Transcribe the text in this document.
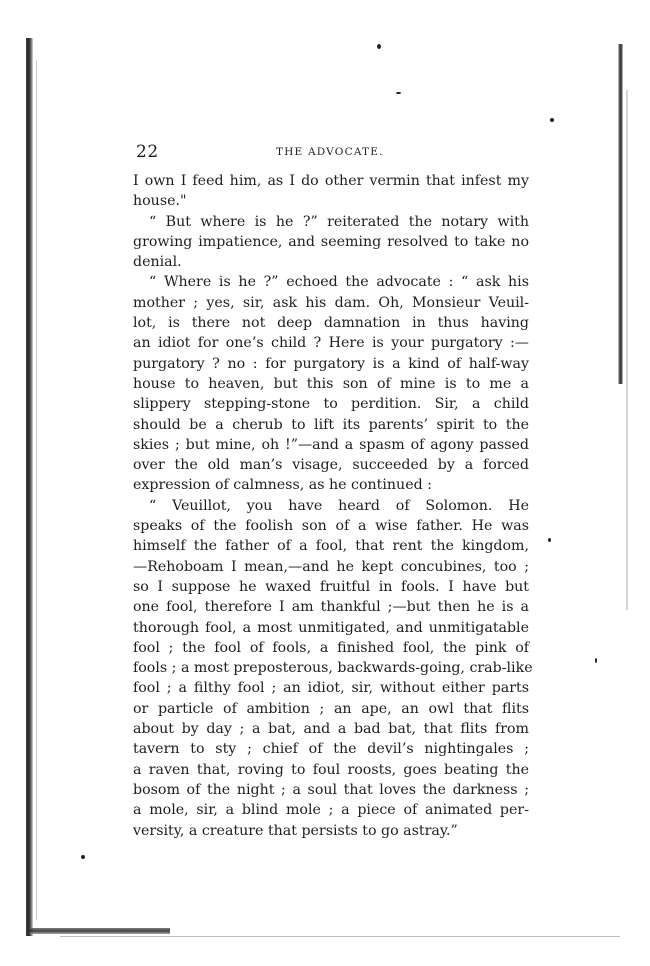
22	THE ADVOCATE.
I own I feed him, as I do other vermin that infest my
house."
“ But where is he ?” reiterated the notary with
growing impatience, and seeming resolved to take no
denial.
“ Where is he ?” echoed the advocate : “ ask his
mother ; yes, sir, ask his dam. Oh, Monsieur Veuil-
lot, is there not deep damnation in thus having
an idiot for one’s child ? Here is your purgatory :—
purgatory ? no : for purgatory is a kind of half-way
house to heaven, but this son of mine is to me a
slippery stepping-stone to perdition. Sir, a child
should be a cherub to lift its parents’ spirit to the
skies ; but mine, oh !”—and a spasm of agony passed
over the old man’s visage, succeeded by a forced
expression of calmness, as he continued :
“ Veuillot, you have heard of Solomon. He
speaks of the foolish son of a wise father. He was
himself the father of a fool, that rent the kingdom,
—Rehoboam I mean,—and he kept concubines, too ;
so I suppose he waxed fruitful in fools. I have but
one fool, therefore I am thankful ;—but then he is a
thorough fool, a most unmitigated, and unmitigatable
fool ; the fool of fools, a finished fool, the pink of
fools ; a most preposterous, backwards-going, crab-like
fool ; a filthy fool ; an idiot, sir, without either parts
or particle of ambition ; an ape, an owl that flits
about by day ; a bat, and a bad bat, that flits from
tavern to sty ; chief of the devil’s nightingales ;
a raven that, roving to foul roosts, goes beating the
bosom of the night ; a soul that loves the darkness ;
a mole, sir, a blind mole ; a piece of animated per-
versity, a creature that persists to go astray.”
